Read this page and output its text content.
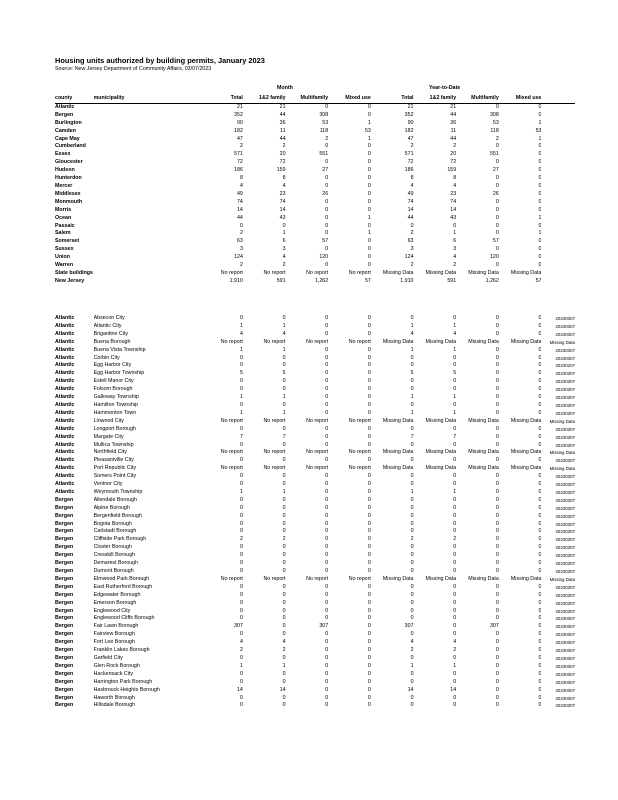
Housing units authorized by building permits, January 2023
Source: New Jersey Department of Community Affairs, 03/07/2023
Month	Year-to-Date
county	municipality	Total	1&2 family	Multifamily	Mixed use	Total	1&2 family	Multifamily	Mixed use	
Atlantic		21	21	0	0	21	21	0	0	
Bergen		352	44	308	0	352	44	308	0	
Burlington		90	36	53	1	90	36	53	1	
Camden		182	11	118	53	182	11	118	53	
Cape May		47	44	2	1	47	44	2	1	
Cumberland		2	2	0	0	2	2	0	0	
Essex		571	20	551	0	571	20	551	0	
Gloucester		72	72	0	0	72	72	0	0	
Hudson		186	159	27	0	186	159	27	0	
Hunterdon		8	8	0	0	8	8	0	0	
Mercer		4	4	0	0	4	4	0	0	
Middlesex		49	23	26	0	49	23	26	0	
Monmouth		74	74	0	0	74	74	0	0	
Morris		14	14	0	0	14	14	0	0	
Ocean		44	43	0	1	44	43	0	1	
Passaic		0	0	0	0	0	0	0	0	
Salem		2	1	0	1	2	1	0	1	
Somerset		63	6	57	0	63	6	57	0	
Sussex		3	3	0	0	3	3	0	0	
Union		124	4	120	0	124	4	120	0	
Warren		2	2	0	0	2	2	0	0	
State buildings		No report	No report	No report	No report	Missing Data	Missing Data	Missing Data	Missing Data	
New Jersey		1,910	591	1,262	57	1,910	591	1,262	57	
Atlantic	Absecon City	0	0	0	0	0	0	0	0	20230307
Atlantic	Atlantic City	1	1	0	0	1	1	0	0	20230307
Atlantic	Brigantine City	4	4	0	0	4	4	0	0	20230307
Atlantic	Buena Borough	No report	No report	No report	No report	Missing Data	Missing Data	Missing Data	Missing Data	Missing Data
Atlantic	Buena Vista Township	1	1	0	0	1	1	0	0	20230307
Atlantic	Corbin City	0	0	0	0	0	0	0	0	20230307
Atlantic	Egg Harbor City	0	0	0	0	0	0	0	0	20230207
Atlantic	Egg Harbor Township	5	5	0	0	5	5	0	0	20230307
Atlantic	Estell Manor City	0	0	0	0	0	0	0	0	20230307
Atlantic	Folsom Borough	0	0	0	0	0	0	0	0	20230307
Atlantic	Galloway Township	1	1	0	0	1	1	0	0	20230307
Atlantic	Hamilton Township	0	0	0	0	0	0	0	0	20230307
Atlantic	Hammonton Town	1	1	0	0	1	1	0	0	20230307
Atlantic	Linwood City	No report	No report	No report	No report	Missing Data	Missing Data	Missing Data	Missing Data	Missing Data
Atlantic	Longport Borough	0	0	0	0	0	0	0	0	20230307
Atlantic	Margate City	7	7	0	0	7	7	0	0	20230307
Atlantic	Mullica Township	0	0	0	0	0	0	0	0	20230307
Atlantic	Northfield City	No report	No report	No report	No report	Missing Data	Missing Data	Missing Data	Missing Data	Missing Data
Atlantic	Pleasantville City	0	0	0	0	0	0	0	0	20230307
Atlantic	Port Republic City	No report	No report	No report	No report	Missing Data	Missing Data	Missing Data	Missing Data	Missing Data
Atlantic	Somers Point City	0	0	0	0	0	0	0	0	20230307
Atlantic	Ventnor City	0	0	0	0	0	0	0	0	20230307
Atlantic	Weymouth Township	1	1	0	0	1	1	0	0	20230307
Bergen	Allendale Borough	0	0	0	0	0	0	0	0	20230307
Bergen	Alpine Borough	0	0	0	0	0	0	0	0	20230307
Bergen	Bergenfield Borough	0	0	0	0	0	0	0	0	20230307
Bergen	Bogota Borough	0	0	0	0	0	0	0	0	20230307
Bergen	Carlstadt Borough	0	0	0	0	0	0	0	0	20230307
Bergen	Cliffside Park Borough	2	2	0	0	2	2	0	0	20230307
Bergen	Closter Borough	0	0	0	0	0	0	0	0	20230307
Bergen	Cresskill Borough	0	0	0	0	0	0	0	0	20230307
Bergen	Demarest Borough	0	0	0	0	0	0	0	0	20230307
Bergen	Dumont Borough	0	0	0	0	0	0	0	0	20230307
Bergen	Elmwood Park Borough	No report	No report	No report	No report	Missing Data	Missing Data	Missing Data	Missing Data	Missing Data
Bergen	East Rutherford Borough	0	0	0	0	0	0	0	0	20230307
Bergen	Edgewater Borough	0	0	0	0	0	0	0	0	20230307
Bergen	Emerson Borough	0	0	0	0	0	0	0	0	20230307
Bergen	Englewood City	0	0	0	0	0	0	0	0	20230307
Bergen	Englewood Cliffs Borough	0	0	0	0	0	0	0	0	20230307
Bergen	Fair Lawn Borough	307	0	307	0	307	0	307	0	20230307
Bergen	Fairview Borough	0	0	0	0	0	0	0	0	20230307
Bergen	Fort Lee Borough	4	4	0	0	4	4	0	0	20230307
Bergen	Franklin Lakes Borough	2	2	0	0	2	2	0	0	20230307
Bergen	Garfield City	0	0	0	0	0	0	0	0	20230307
Bergen	Glen Rock Borough	1	1	0	0	1	1	0	0	20230307
Bergen	Hackensack City	0	0	0	0	0	0	0	0	20230307
Bergen	Harrington Park Borough	0	0	0	0	0	0	0	0	20230307
Bergen	Hasbrouck Heights Borough	14	14	0	0	14	14	0	0	20230307
Bergen	Haworth Borough	0	0	0	0	0	0	0	0	20230307
Bergen	Hillsdale Borough	0	0	0	0	0	0	0	0	20230307
